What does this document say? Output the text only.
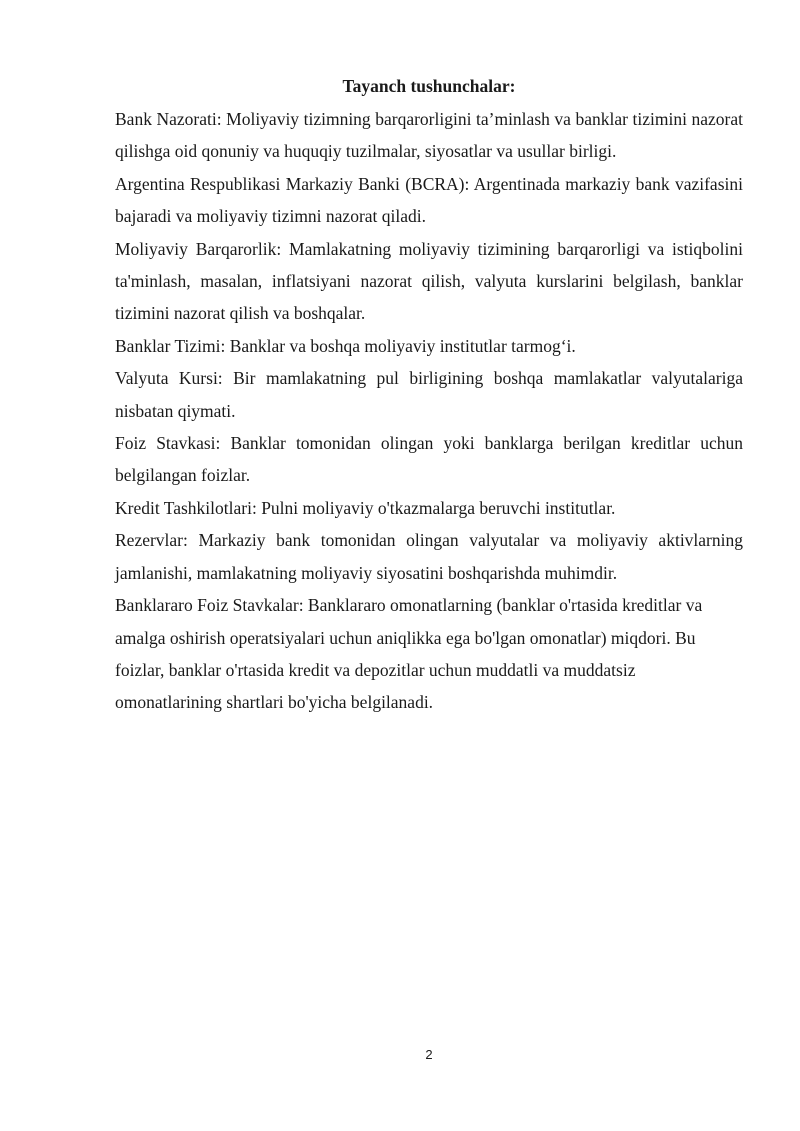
Tayanch tushunchalar:

Bank Nazorati: Moliyaviy tizimning barqarorligini ta’minlash va banklar tizimini nazorat qilishga oid qonuniy va huquqiy tuzilmalar, siyosatlar va usullar birligi.

Argentina Respublikasi Markaziy Banki (BCRA): Argentinada markaziy bank vazifasini bajaradi va moliyaviy tizimni nazorat qiladi.

Moliyaviy Barqarorlik: Mamlakatning moliyaviy tizimining barqarorligi va istiqbolini ta'minlash, masalan, inflatsiyani nazorat qilish, valyuta kurslarini belgilash, banklar tizimini nazorat qilish va boshqalar.

Banklar Tizimi: Banklar va boshqa moliyaviy institutlar tarmog‘i.

Valyuta Kursi: Bir mamlakatning pul birligining boshqa mamlakatlar valyutalariga nisbatan qiymati.

Foiz Stavkasi: Banklar tomonidan olingan yoki banklarga berilgan kreditlar uchun belgilangan foizlar.

Kredit Tashkilotlari: Pulni moliyaviy o'tkazmalarga beruvchi institutlar.

Rezervlar: Markaziy bank tomonidan olingan valyutalar va moliyaviy aktivlarning jamlanishi, mamlakatning moliyaviy siyosatini boshqarishda muhimdir.

Banklararo Foiz Stavkalar: Banklararo omonatlarning (banklar o'rtasida kreditlar va amalga oshirish operatsiyalari uchun aniqlikka ega bo'lgan omonatlar) miqdori. Bu foizlar, banklar o'rtasida kredit va depozitlar uchun muddatli va muddatsiz omonatlarining shartlari bo'yicha belgilanadi.

2
